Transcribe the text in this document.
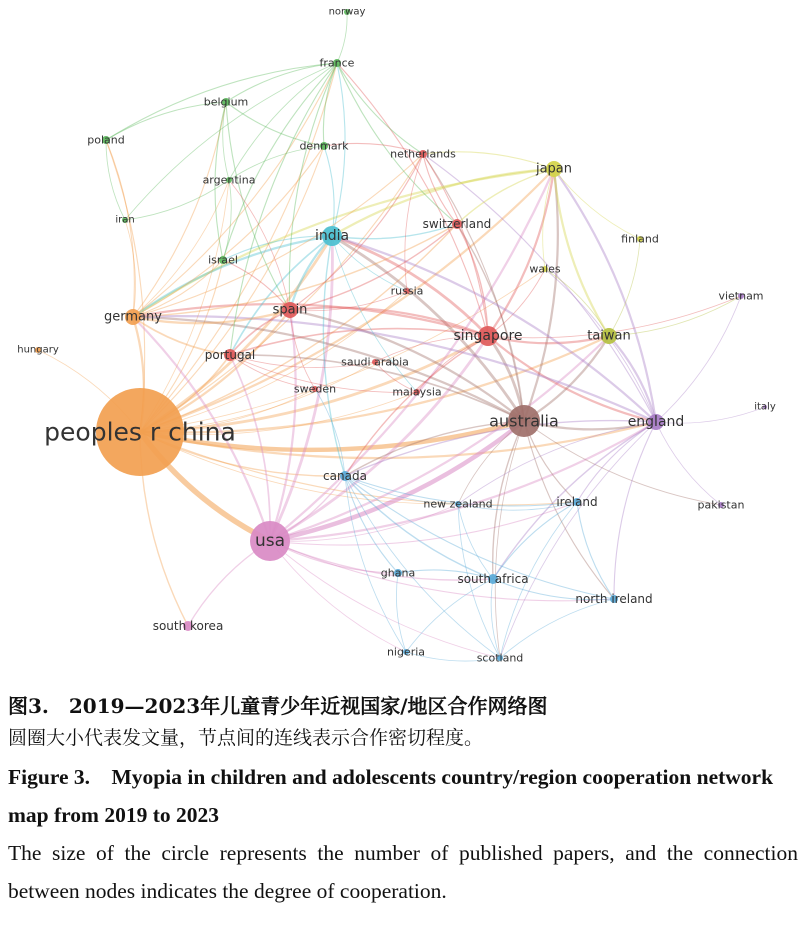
norway
france
belgium
poland	denmark
netherlands
japan
argentina
iran	switzerland
india	finland
israel
wales
russia	vietnam
germany	spain
singapore	taiwan
hungary	portugal	saudi arabia
sweden	malaysia
italy
peoples r china	australia	england
canada
new zealand	ireland	pakistan
usa
ghana	south africa
north ireland
south korea
nigeria	scotland
图3.　2019—2023年儿童青少年近视国家/地区合作网络图
圆圈大小代表发文量，节点间的连线表示合作密切程度。
Figure 3.　Myopia in children and adolescents country/region cooperation network map from 2019 to 2023
The size of the circle represents the number of published papers, and the connection between nodes indicates the degree of cooperation.
